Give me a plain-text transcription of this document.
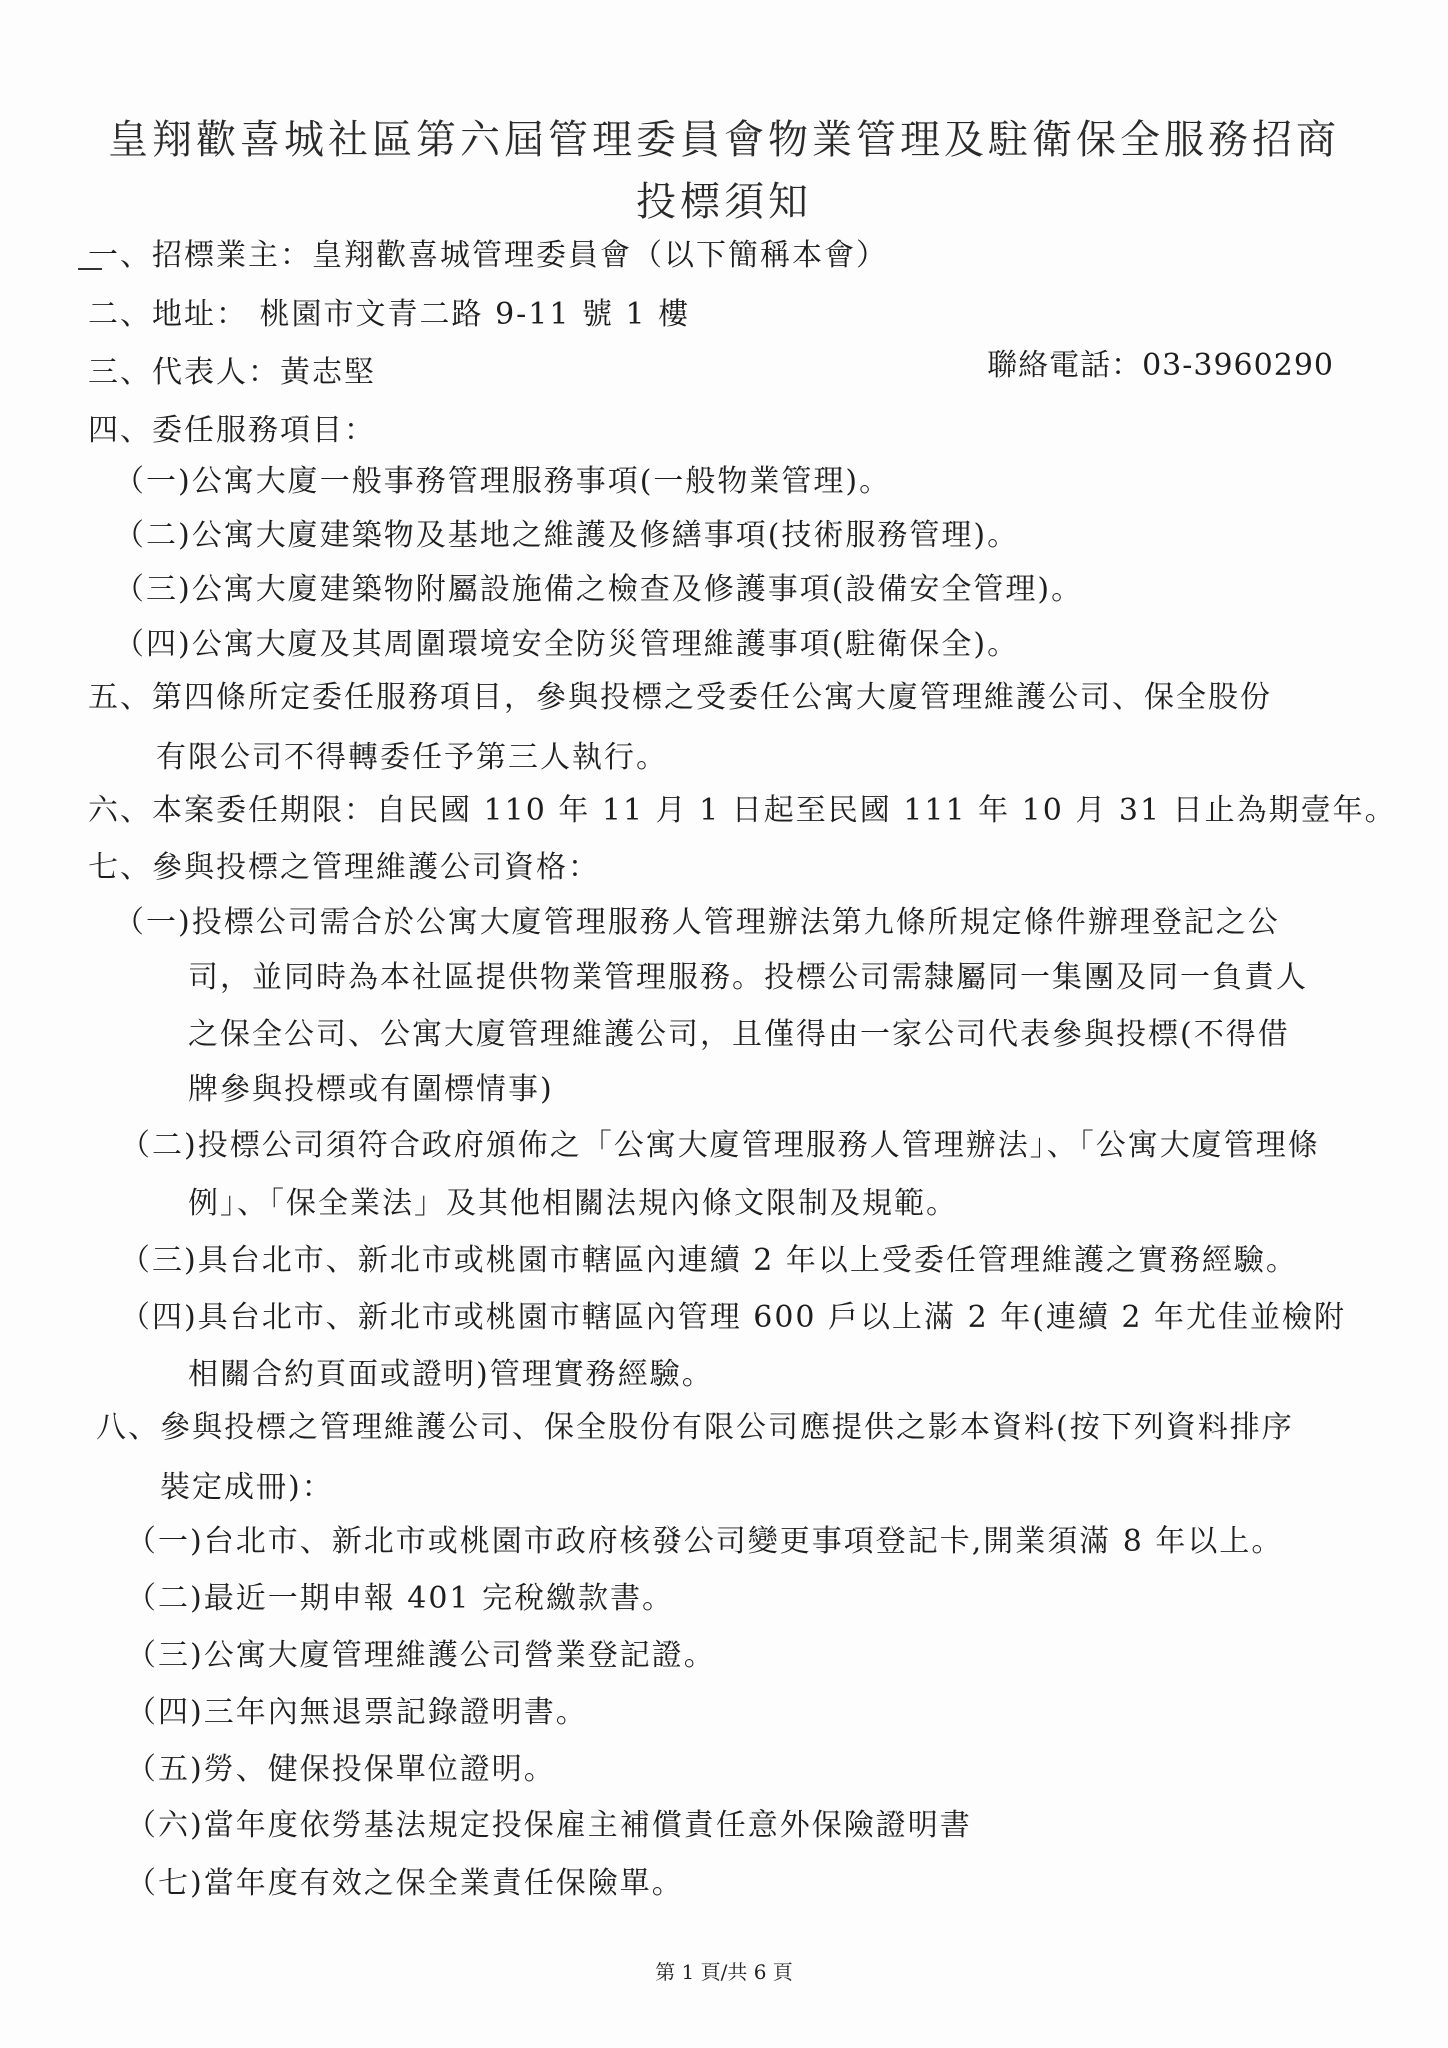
皇翔歡喜城社區第六屆管理委員會物業管理及駐衛保全服務招商
投標須知
一、招標業主：皇翔歡喜城管理委員會（以下簡稱本會）
二、地址： 桃園市文青二路 9-11 號 1 樓
三、代表人：黃志堅	聯絡電話：03-3960290
四、委任服務項目：
（一)公寓大廈一般事務管理服務事項(一般物業管理)。
（二)公寓大廈建築物及基地之維護及修繕事項(技術服務管理)。
（三)公寓大廈建築物附屬設施備之檢查及修護事項(設備安全管理)。
（四)公寓大廈及其周圍環境安全防災管理維護事項(駐衛保全)。
五、第四條所定委任服務項目，參與投標之受委任公寓大廈管理維護公司、保全股份
有限公司不得轉委任予第三人執行。
六、本案委任期限：自民國 110 年 11 月 1 日起至民國 111 年 10 月 31 日止為期壹年。
七、參與投標之管理維護公司資格：
（一)投標公司需合於公寓大廈管理服務人管理辦法第九條所規定條件辦理登記之公
司，並同時為本社區提供物業管理服務。投標公司需隸屬同一集團及同一負責人
之保全公司、公寓大廈管理維護公司，且僅得由一家公司代表參與投標(不得借
牌參與投標或有圍標情事)
（二)投標公司須符合政府頒佈之「公寓大廈管理服務人管理辦法」、「公寓大廈管理條
例」、「保全業法」及其他相關法規內條文限制及規範。
（三)具台北市、新北市或桃園市轄區內連續 2 年以上受委任管理維護之實務經驗。
（四)具台北市、新北市或桃園市轄區內管理 600 戶以上滿 2 年(連續 2 年尤佳並檢附
相關合約頁面或證明)管理實務經驗。
八、參與投標之管理維護公司、保全股份有限公司應提供之影本資料(按下列資料排序
裝定成冊)：
（一)台北市、新北市或桃園市政府核發公司變更事項登記卡,開業須滿 8 年以上。
（二)最近一期申報 401 完稅繳款書。
（三)公寓大廈管理維護公司營業登記證。
（四)三年內無退票記錄證明書。
（五)勞、健保投保單位證明。
（六)當年度依勞基法規定投保雇主補償責任意外保險證明書
（七)當年度有效之保全業責任保險單。
第 1 頁/共 6 頁
